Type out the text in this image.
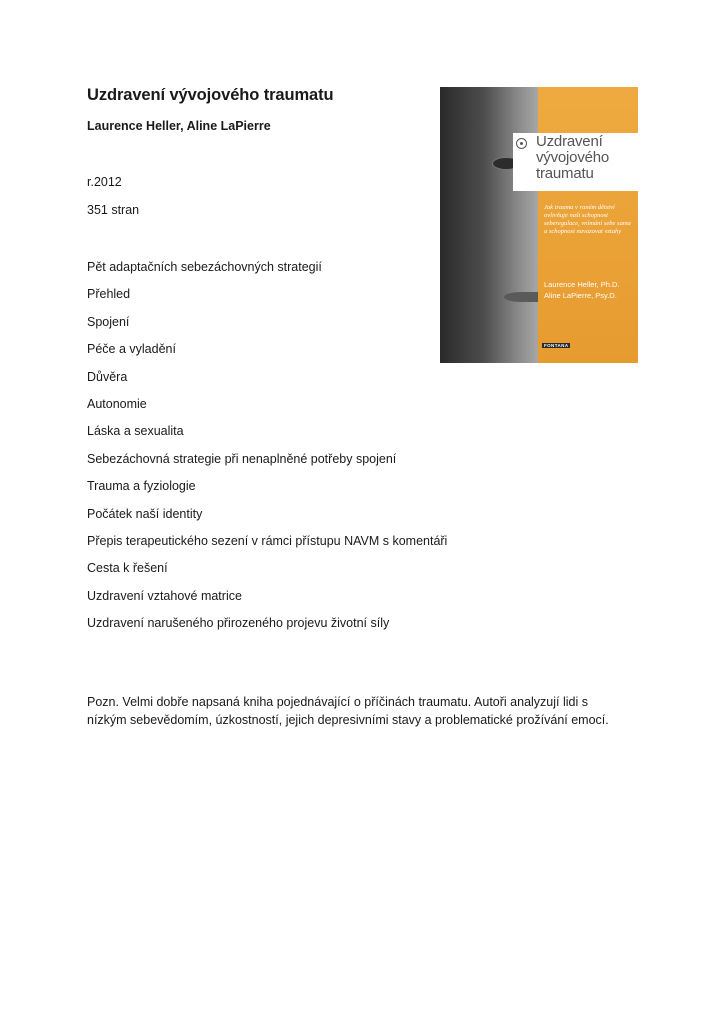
Uzdravení vývojového traumatu
Laurence Heller, Aline LaPierre
r.2012
351 stran
Pět adaptačních sebezáchovných strategií
Přehled
Spojení
Péče a vyladění
Důvěra
Autonomie
Láska a sexualita
Sebezáchovná strategie při nenaplněné potřeby spojení
Trauma a fyziologie
Počátek naší identity
Přepis terapeutického sezení v rámci přístupu NAVM s komentáři
Cesta k řešení
Uzdravení vztahové matrice
Uzdravení narušeného přirozeného projevu životní síly
Pozn. Velmi dobře napsaná kniha pojednávající o příčinách traumatu. Autoři analyzují lidi s nízkým sebevědomím, úzkostností, jejich depresivními stavy a problematické prožívání emocí.
Uzdravení
vývojového
traumatu
Jak trauma v raném dětství ovlivňuje naši schopnost seberegulace, vnímání sebe sama a schopnost navazovat vztahy
Laurence Heller, Ph.D.
Aline LaPierre, Psy.D.
FONTANA
